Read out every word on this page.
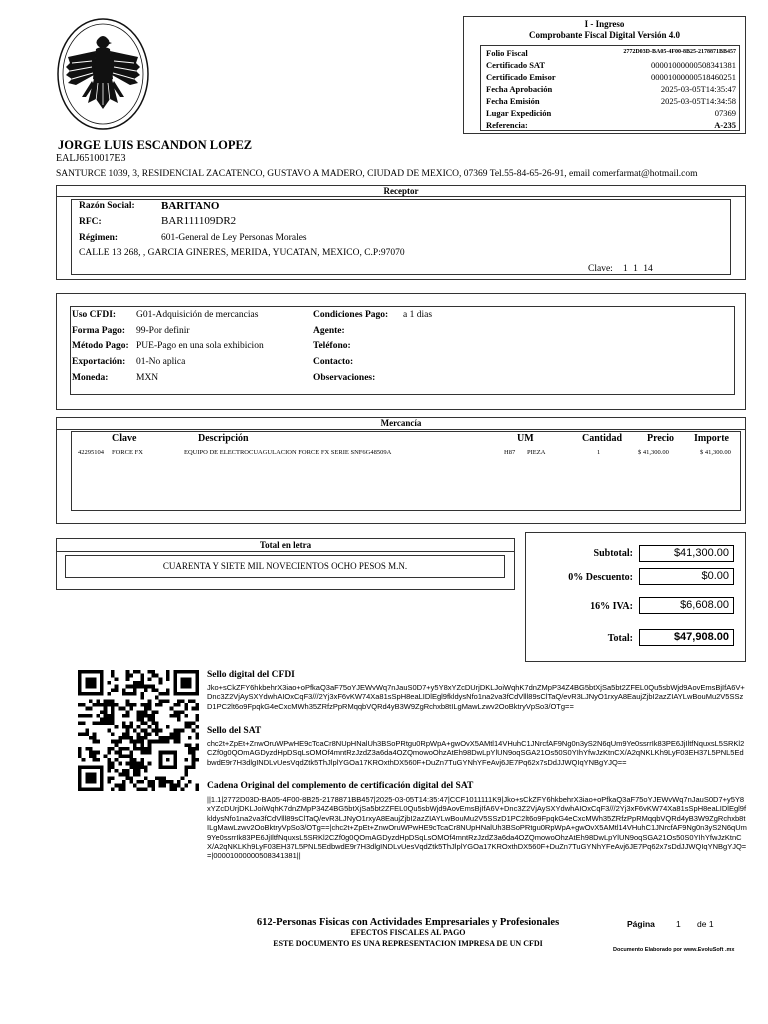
I - Ingreso
Comprobante Fiscal Digital Versión 4.0
Folio Fiscal	2772D03D-BA05-4F00-8B25-2178871BB457
Certificado SAT	00001000000508341381
Certificado Emisor	00001000000518460251
Fecha Aprobación	2025-03-05T14:35:47
Fecha Emisión	2025-03-05T14:34:58
Lugar Expedición	07369
Referencia:	A-235
JORGE LUIS ESCANDON LOPEZ
EALJ6510017E3
SANTURCE 1039, 3, RESIDENCIAL ZACATENCO, GUSTAVO A MADERO, CIUDAD DE MEXICO, 07369 Tel.55-84-65-26-91, email comerfarmat@hotmail.com
Receptor
Razón Social: BARITANO
RFC:	BAR111109DR2
Régimen:	601-General de Ley Personas Morales
CALLE 13 268, , GARCIA GINERES, MERIDA, YUCATAN, MEXICO, C.P:97070
Clave: 1 1 14
Uso CFDI: G01-Adquisición de mercancias
Forma Pago: 99-Por definir
Método Pago: PUE-Pago en una sola exhibicion
Exportación: 01-No aplica
Moneda:	MXN
Condiciones Pago: a 1 dias
Agente:
Teléfono:
Contacto:
Observaciones:
Mercancía
Clave	Descripción	UM	Cantidad Precio Importe
42295104 FORCE FX	EQUIPO DE ELECTROCUAGULACION FORCE FX SERIE SNF6G48509A	H87 PIEZA	1	$ 41,300.00	$ 41,300.00
Total en letra
CUARENTA Y SIETE MIL NOVECIENTOS OCHO PESOS M.N.
Subtotal:	$41,300.00
0% Descuento:	$0.00
16% IVA:	$6,608.00
Total:	$47,908.00
Sello digital del CFDI
Jko+sCkZFY6hkbehrX3iao+oPfkaQ3aF75oYJEWvWq7nJauS0D7+y5Y8xYZcDUrjDKLJoiWqhK7dnZMpP34Z4BG5btXjSa5bt2ZFEL0Qu5sbWjd9AovEmsBjIfA6V+Dnc3Z2VjAySXYdwhAIOxCqF3///2Yj3xF6vKW74Xa81sSpH8eaLIDlEgl9fkldysNfo1na2va3fCdVlll89sClTaQ/evR3LJNyO1rxyA8EaujZjbI2azZIAYLwBouMu2V5SSzD1PC2lt6o9FpqkG4eCxcMWh35ZRfzPpRMqqbVQRd4yB3W9ZgRchxb8tILgMawLzwv2OoBktryVpSo3/OTg==
Sello del SAT
chc2t+ZpEt+ZnwOruWPwHE9cTcaCr8NUpHNalUh3BSoPRtgu0RpWpA+gwOvX5AMtl14VHuhC1JNrcfAF9Ng0n3yS2N6qUm9Ye0ssrrIk83PE6JjIltfNquxsL5SRKl2CZf0g0QOmAGDyzdHpDSqLsOMOf4mntRzJzdZ3a6da4OZQmowoOhzAtEh98DwLpYlUN9oqSGA21Os50S0YIhYfwJzKtnCX/A2qNKLKh9LyF03EH37L5PNL5EdbwdE9r7H3dlgINDLvUesVqdZtk5ThJlplYGOa17KROxthDX560F+DuZn7TuGYNhYFeAvj6JE7Pq62x7sDdJJWQIqYNBgYJQ==
Cadena Original del complemento de certificación digital del SAT
||1.1|2772D03D-BA05-4F00-8B25-2178871BB457|2025-03-05T14:35:47|CCF1011111K9|Jko+sCkZFY6hkbehrX3iao+oPfkaQ3aF75oYJEWvWq7nJauS0D7+y5Y8xYZcDUrjDKLJoiWqhK7dnZMpP34Z4BG5btXjSa5bt2ZFEL0Qu5sbWjd9AovEmsBjIfA6V+Dnc3Z2VjAySXYdwhAIOxCqF3///2Yj3xF6vKW74Xa81sSpH8eaLIDlEgl9fkldysNfo1na2va3fCdVlll89sClTaQ/evR3LJNyO1rxyA8EaujZjbI2azZIAYLwBouMu2V5SSzD1PC2lt6o9FpqkG4eCxcMWh35ZRfzPpRMqqbVQRd4yB3W9ZgRchxb8tILgMawLzwv2OoBktryVpSo3/OTg==|chc2t+ZpEt+ZnwOruWPwHE9cTcaCr8NUpHNalUh3BSoPRtgu0RpWpA+gwOvX5AMtl14VHuhC1JNrcfAF9Ng0n3yS2N6qUm9Ye0ssrrIk83PE6JjIltfNquxsL5SRKl2CZf0g0QOmAGDyzdHpDSqLsOMOf4mntRzJzdZ3a6da4OZQmowoOhzAtEh98DwLpYlUN9oqSGA21Os50S0YIhYfwJzKtnCX/A2qNKLKh9LyF03EH37L5PNL5EdbwdE9r7H3dlgINDLvUesVqdZtk5ThJlplYGOa17KROxthDX560F+DuZn7TuGYNhYFeAvj6JE7Pq62x7sDdJJWQIqYNBgYJQ==|00001000000508341381||
612-Personas Fisicas con Actividades Empresariales y Profesionales
EFECTOS FISCALES AL PAGO
ESTE DOCUMENTO ES UNA REPRESENTACION IMPRESA DE UN CFDI
Página 1 de 1
Documento Elaborado por www.EvoluSoft .mx
